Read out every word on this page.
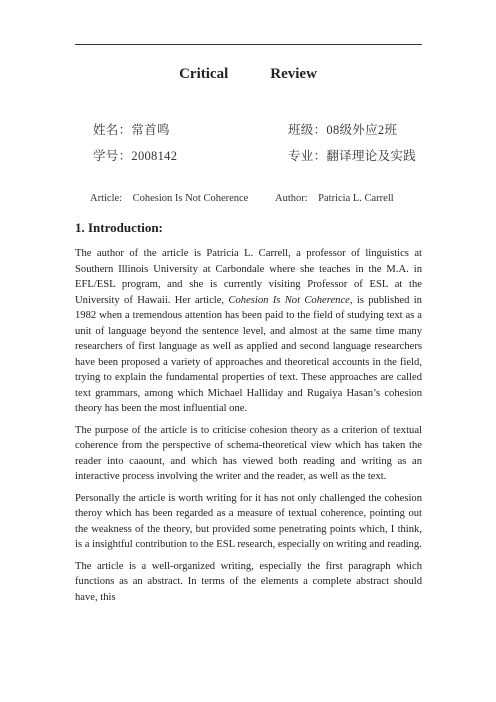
Critical	Review
姓名：常首鸣	班级：08级外应2班
学号：2008142	专业：翻译理论及实践
Article:    Cohesion Is Not Coherence	Author:    Patricia L. Carrell
1. Introduction:

The author of the article is Patricia L. Carrell, a professor of linguistics at Southern Illinois University at Carbondale where she teaches in the M.A. in EFL/ESL program, and she is currently visiting Professor of ESL at the University of Hawaii. Her article, Cohesion Is Not Coherence, is published in 1982 when a tremendous attention has been paid to the field of studying text as a unit of language beyond the sentence level, and almost at the same time many researchers of first language as well as applied and second language researchers have been proposed a variety of approaches and theoretical accounts in the field, trying to explain the fundamental properties of text. These approaches are called text grammars, among which Michael Halliday and Rugaiya Hasan’s cohesion theory has been the most influential one.

The purpose of the article is to criticise cohesion theory as a criterion of textual coherence from the perspective of schema-theoretical view which has taken the reader into caaount, and which has viewed both reading and writing as an interactive process involving the writer and the reader, as well as the text.

Personally the article is worth writing for it has not only challenged the cohesion theroy which has been regarded as a measure of textual coherence, pointing out the weakness of the theory, but provided some penetrating points which, I think, is a insightful contribution to the ESL research, especially on writing and reading.

The article is a well-organized writing, especially the first paragraph which functions as an abstract. In terms of the elements a complete abstract should have, this
